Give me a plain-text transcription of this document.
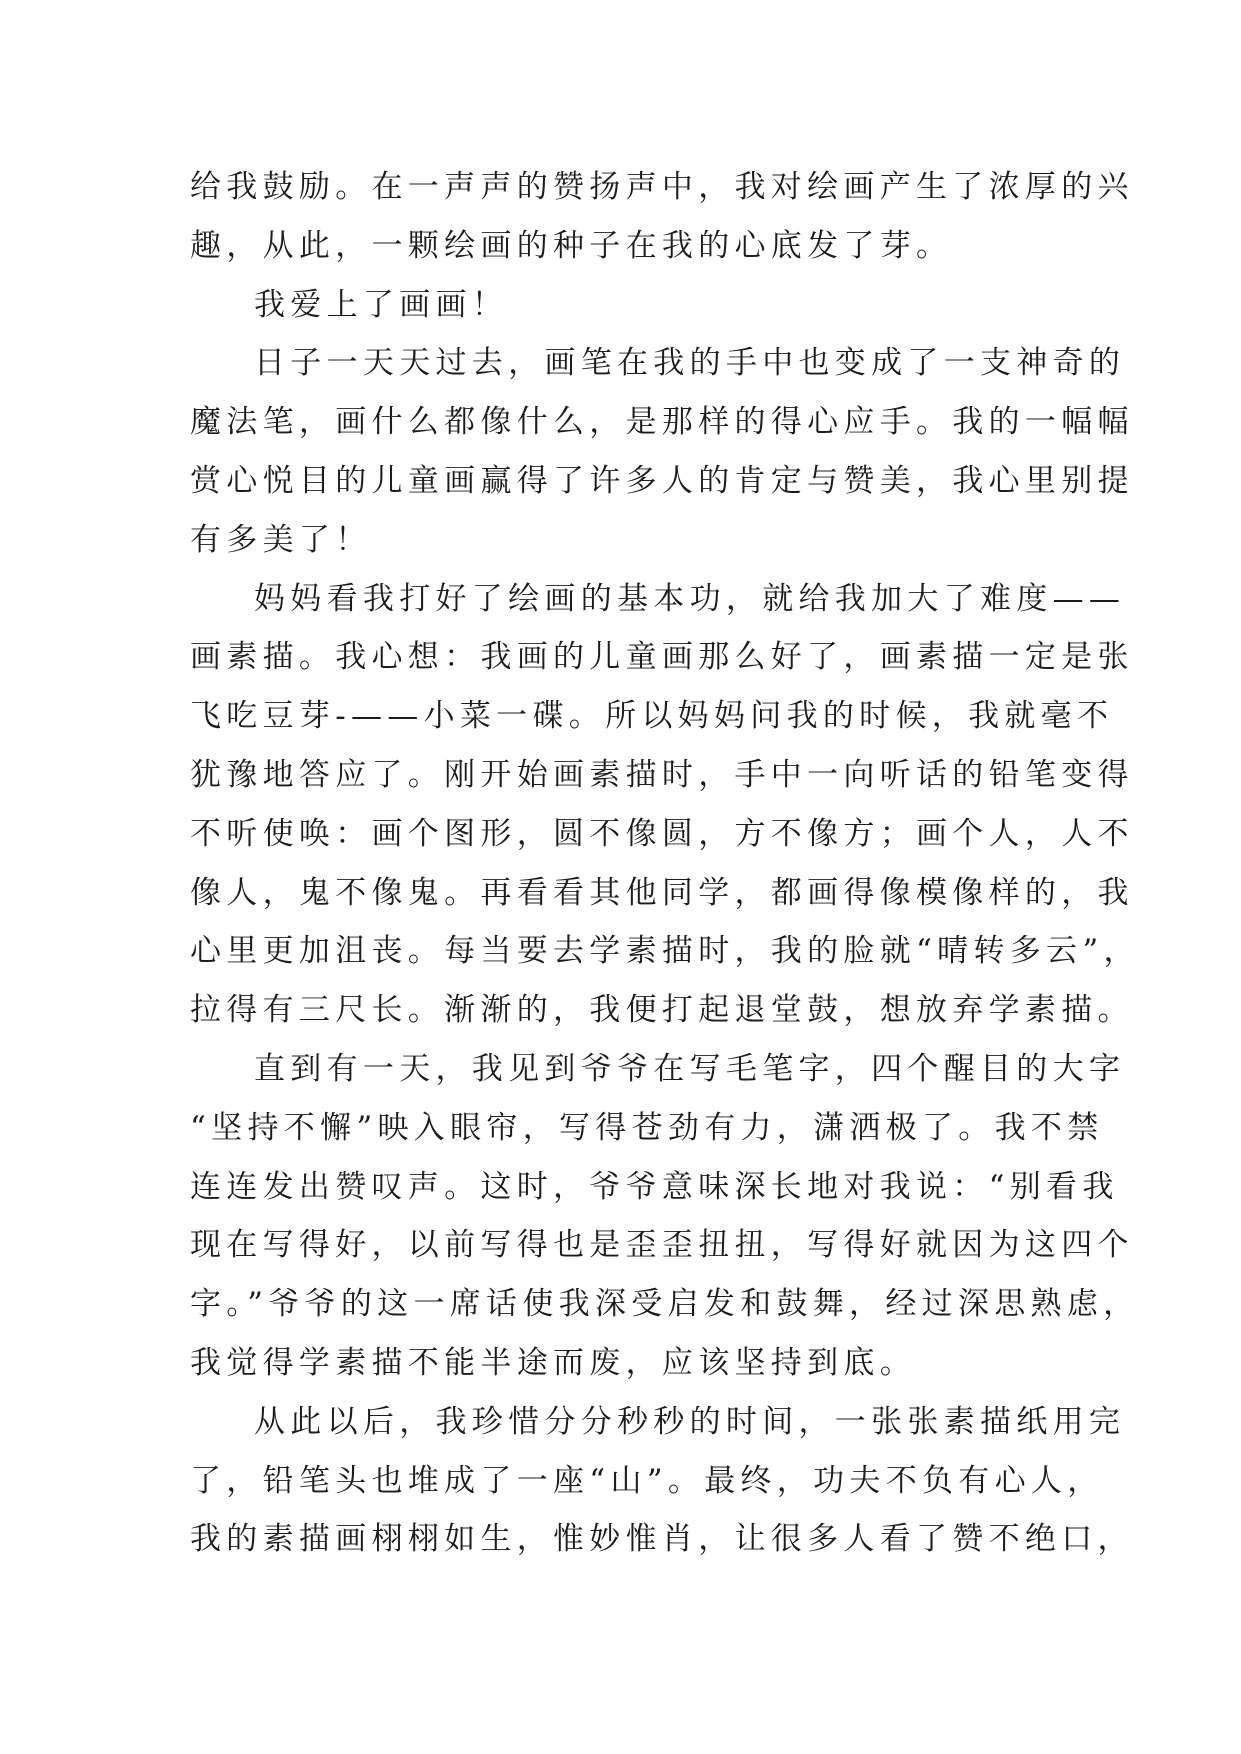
给我鼓励。在一声声的赞扬声中，我对绘画产生了浓厚的兴
趣，从此，一颗绘画的种子在我的心底发了芽。
我爱上了画画！
日子一天天过去，画笔在我的手中也变成了一支神奇的
魔法笔，画什么都像什么，是那样的得心应手。我的一幅幅
赏心悦目的儿童画赢得了许多人的肯定与赞美，我心里别提
有多美了！
妈妈看我打好了绘画的基本功，就给我加大了难度——
画素描。我心想：我画的儿童画那么好了，画素描一定是张
飞吃豆芽-——小菜一碟。所以妈妈问我的时候，我就毫不
犹豫地答应了。刚开始画素描时，手中一向听话的铅笔变得
不听使唤：画个图形，圆不像圆，方不像方；画个人，人不
像人，鬼不像鬼。再看看其他同学，都画得像模像样的，我
心里更加沮丧。每当要去学素描时，我的脸就“晴转多云”，
拉得有三尺长。渐渐的，我便打起退堂鼓，想放弃学素描。
直到有一天，我见到爷爷在写毛笔字，四个醒目的大字
“坚持不懈”映入眼帘，写得苍劲有力，潇洒极了。我不禁
连连发出赞叹声。这时，爷爷意味深长地对我说：“别看我
现在写得好，以前写得也是歪歪扭扭，写得好就因为这四个
字。”爷爷的这一席话使我深受启发和鼓舞，经过深思熟虑，
我觉得学素描不能半途而废，应该坚持到底。
从此以后，我珍惜分分秒秒的时间，一张张素描纸用完
了，铅笔头也堆成了一座“山”。最终，功夫不负有心人，
我的素描画栩栩如生，惟妙惟肖，让很多人看了赞不绝口，
